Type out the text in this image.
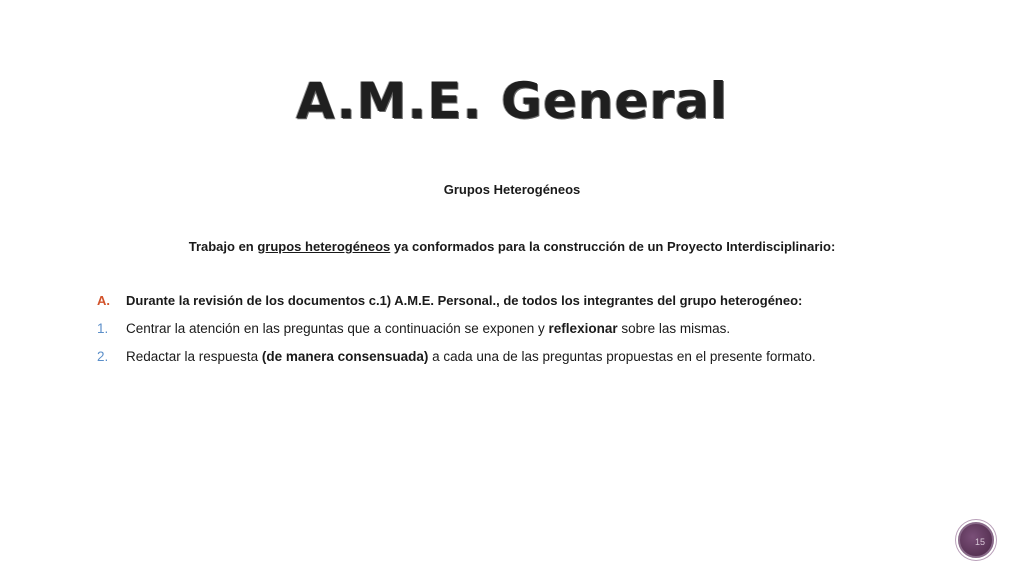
A.M.E. General
Grupos Heterogéneos
Trabajo en grupos heterogéneos ya conformados para la construcción de un Proyecto Interdisciplinario:
A. Durante la revisión de los documentos c.1) A.M.E. Personal., de todos los integrantes del grupo heterogéneo:
1. Centrar la atención en las preguntas que a continuación se exponen y reflexionar sobre las mismas.
2. Redactar la respuesta (de manera consensuada) a cada una de las preguntas propuestas en el presente formato.
15
